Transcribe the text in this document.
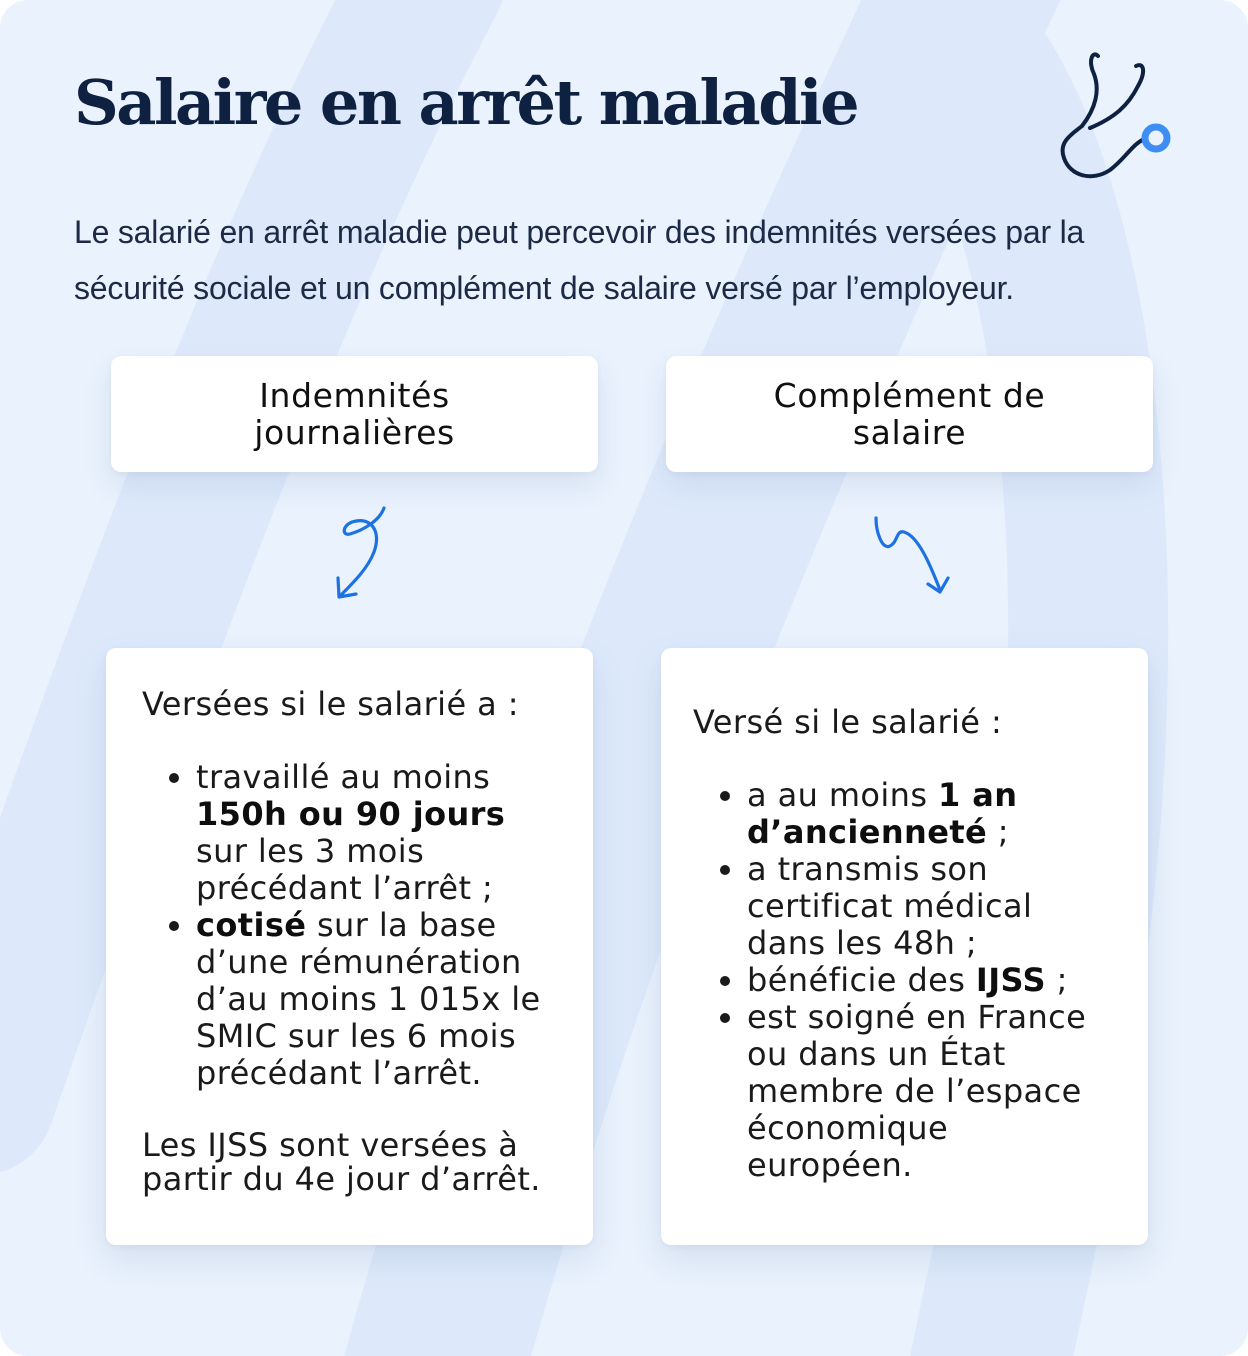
Salaire en arrêt maladie

Le salarié en arrêt maladie peut percevoir des indemnités versées par la sécurité sociale et un complément de salaire versé par l’employeur.

Indemnités journalières
Complément de salaire

Versées si le salarié a :

• travaillé au moins 150h ou 90 jours sur les 3 mois précédant l’arrêt ;
• cotisé sur la base d’une rémunération d’au moins 1 015x le SMIC sur les 6 mois précédant l’arrêt.

Les IJSS sont versées à partir du 4e jour d’arrêt.

Versé si le salarié :

• a au moins 1 an d’ancienneté ;
• a transmis son certificat médical dans les 48h ;
• bénéficie des IJSS ;
• est soigné en France ou dans un État membre de l’espace économique européen.
